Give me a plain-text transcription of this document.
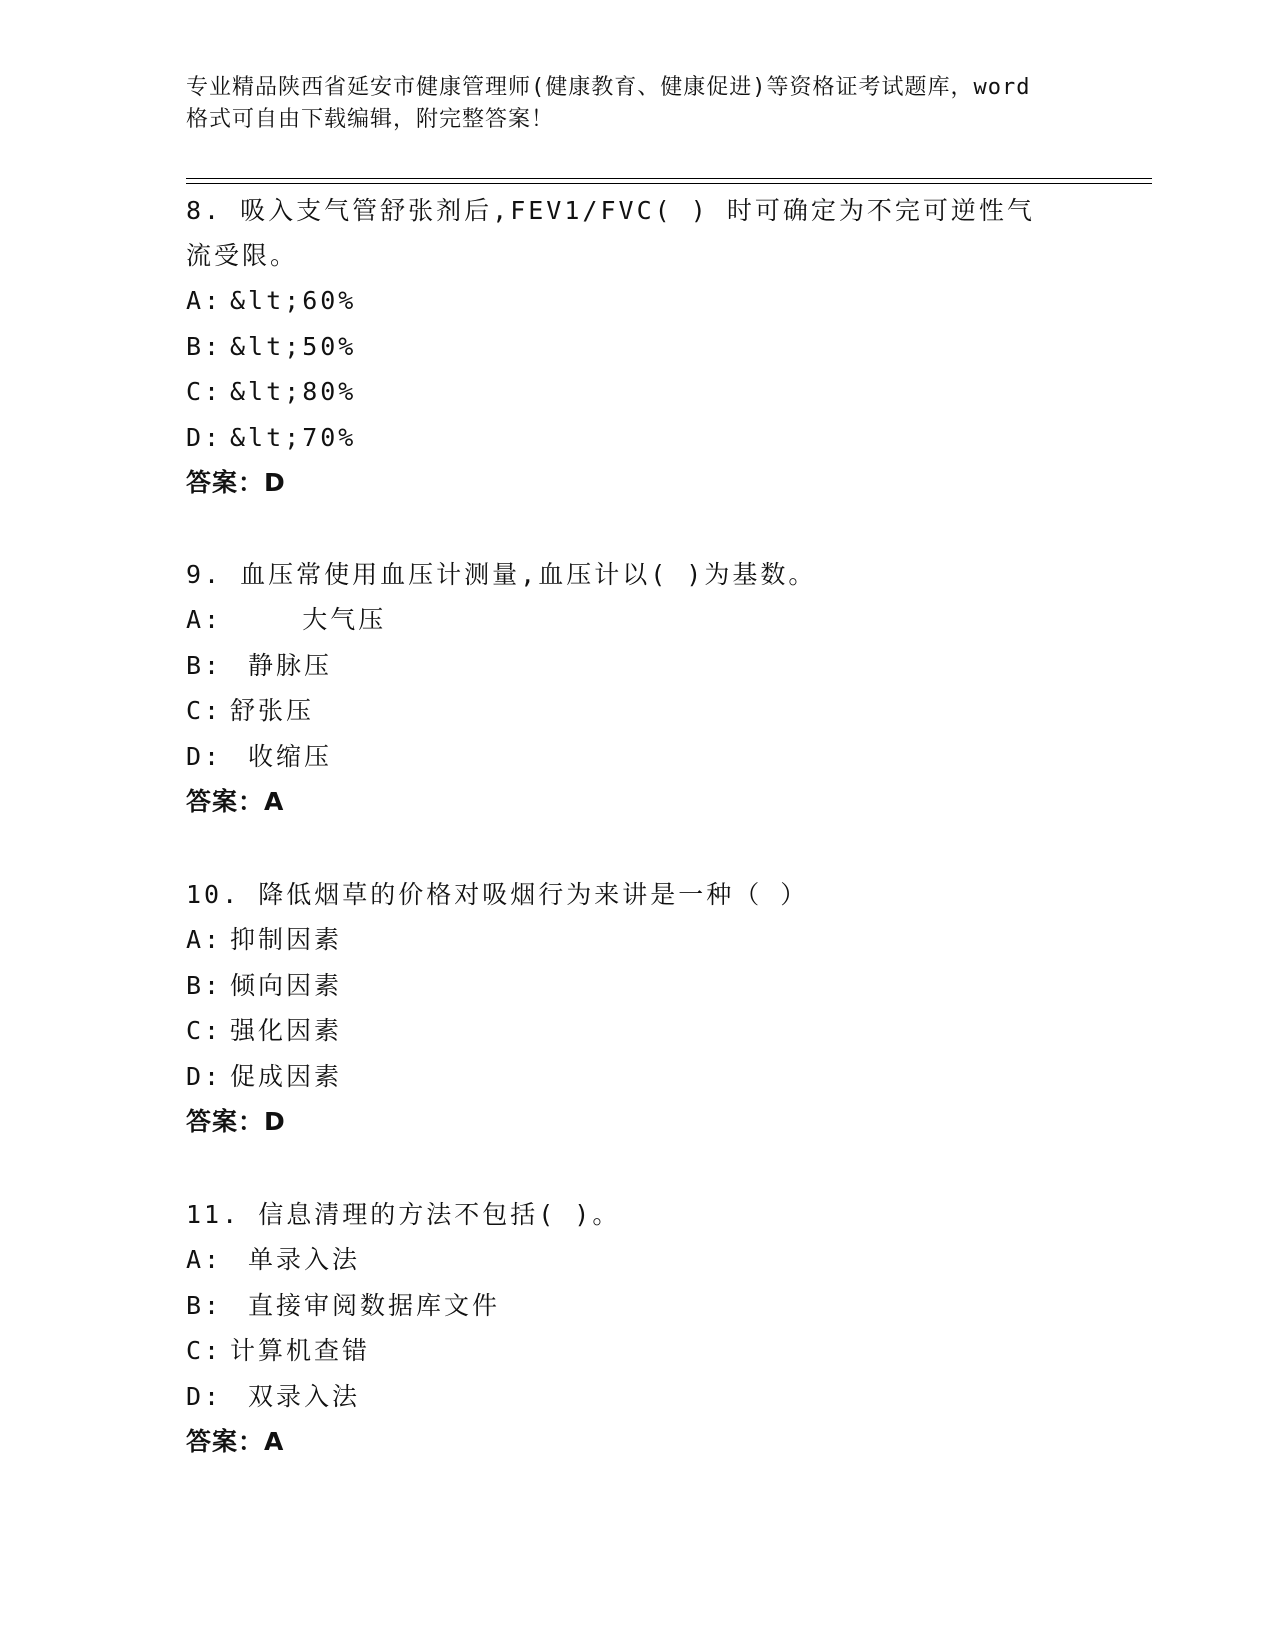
专业精品陕西省延安市健康管理师(健康教育、健康促进)等资格证考试题库，word
格式可自由下载编辑，附完整答案！
8. 吸入支气管舒张剂后,FEV1/FVC( ) 时可确定为不完可逆性气
流受限。
A: &lt;60%
B: &lt;50%
C: &lt;80%
D: &lt;70%
答案：D
9. 血压常使用血压计测量,血压计以( )为基数。
A:    大气压
B: 静脉压
C: 舒张压
D: 收缩压
答案：A
10. 降低烟草的价格对吸烟行为来讲是一种（ ）
A: 抑制因素
B: 倾向因素
C: 强化因素
D: 促成因素
答案：D
11. 信息清理的方法不包括( )。
A: 单录入法
B: 直接审阅数据库文件
C: 计算机查错
D: 双录入法
答案：A
